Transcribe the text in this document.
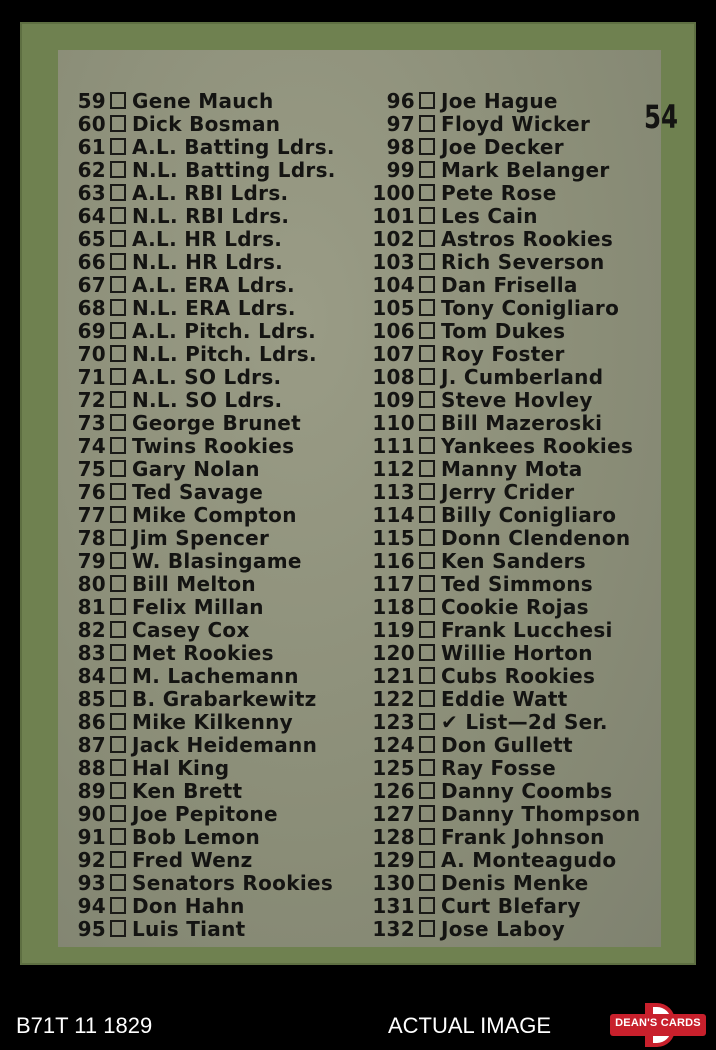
59 Gene Mauch
60 Dick Bosman
61 A.L. Batting Ldrs.
62 N.L. Batting Ldrs.
63 A.L. RBI Ldrs.
64 N.L. RBI Ldrs.
65 A.L. HR Ldrs.
66 N.L. HR Ldrs.
67 A.L. ERA Ldrs.
68 N.L. ERA Ldrs.
69 A.L. Pitch. Ldrs.
70 N.L. Pitch. Ldrs.
71 A.L. SO Ldrs.
72 N.L. SO Ldrs.
73 George Brunet
74 Twins Rookies
75 Gary Nolan
76 Ted Savage
77 Mike Compton
78 Jim Spencer
79 W. Blasingame
80 Bill Melton
81 Felix Millan
82 Casey Cox
83 Met Rookies
84 M. Lachemann
85 B. Grabarkewitz
86 Mike Kilkenny
87 Jack Heidemann
88 Hal King
89 Ken Brett
90 Joe Pepitone
91 Bob Lemon
92 Fred Wenz
93 Senators Rookies
94 Don Hahn
95 Luis Tiant
96 Joe Hague
97 Floyd Wicker
98 Joe Decker
99 Mark Belanger
100 Pete Rose
101 Les Cain
102 Astros Rookies
103 Rich Severson
104 Dan Frisella
105 Tony Conigliaro
106 Tom Dukes
107 Roy Foster
108 J. Cumberland
109 Steve Hovley
110 Bill Mazeroski
111 Yankees Rookies
112 Manny Mota
113 Jerry Crider
114 Billy Conigliaro
115 Donn Clendenon
116 Ken Sanders
117 Ted Simmons
118 Cookie Rojas
119 Frank Lucchesi
120 Willie Horton
121 Cubs Rookies
122 Eddie Watt
123 ✔ List—2d Ser.
124 Don Gullett
125 Ray Fosse
126 Danny Coombs
127 Danny Thompson
128 Frank Johnson
129 A. Monteagudo
130 Denis Menke
131 Curt Blefary
132 Jose Laboy
54
B71T 11 1829	ACTUAL IMAGE	DEAN'S CARDS
